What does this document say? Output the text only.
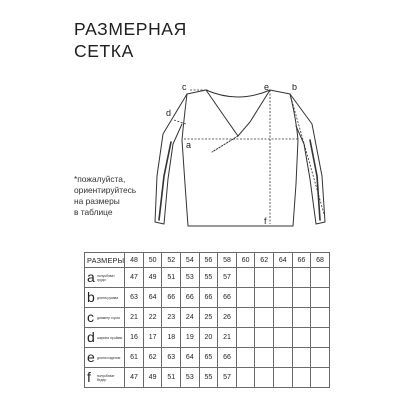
РАЗМЕРНАЯ
СЕТКА
c	e	b
d
a
f
*пожалуйста,
ориентируйтесь
на размеры
в таблице
РАЗМЕРЫ	48	50	52	54	56	58	60	62	64	66	68

a полуобхват груди	47	49	51	53	55	57					

b длина рукава	63	64	66	66	66	66					

c диаметр горла	21	22	23	24	25	26					

d ширина проймы	16	17	18	19	20	21					

e длина изделия	61	62	63	64	65	66					

f полуобхват бедер	47	49	51	53	55	57					
